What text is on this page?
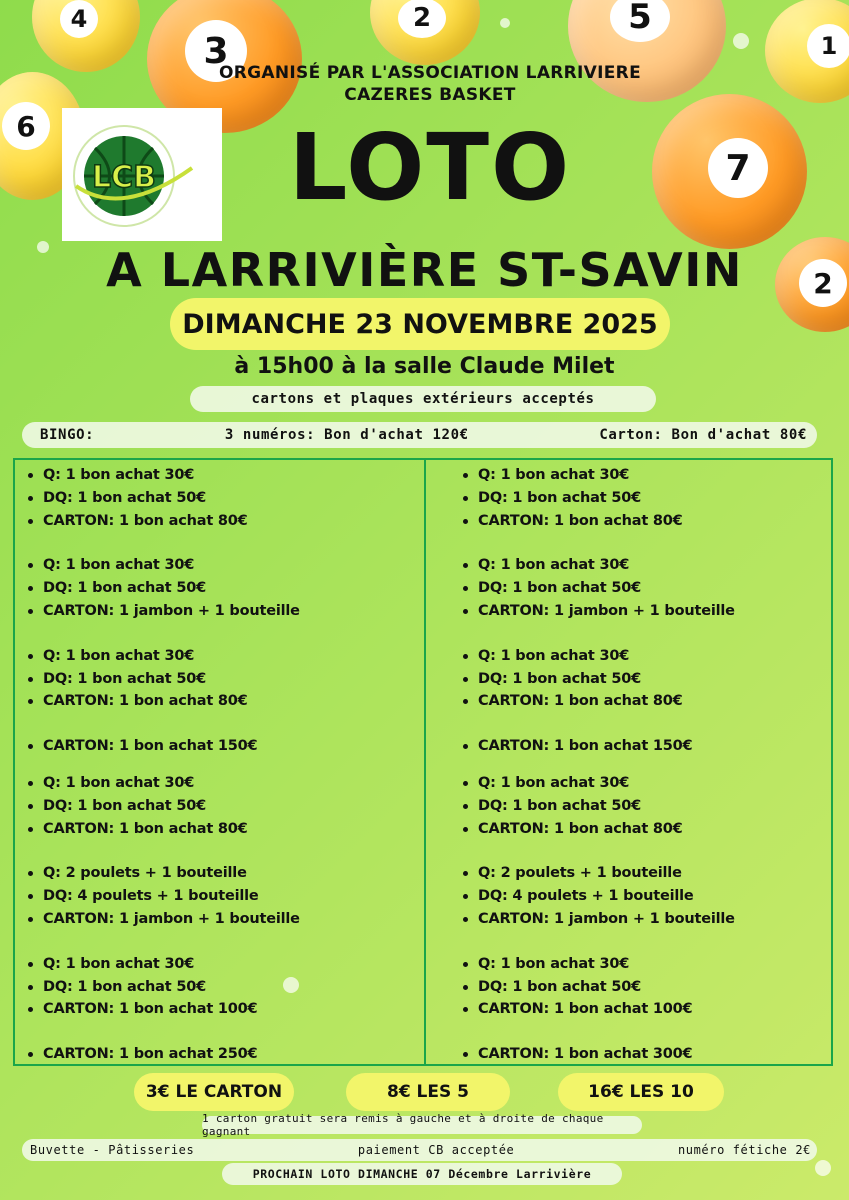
4
3
2	5
1
6
7
2
ORGANISÉ PAR L'ASSOCIATION LARRIVIERE
CAZERES BASKET
LCB LOTO
A LARRIVIÈRE ST-SAVIN
DIMANCHE 23 NOVEMBRE 2025
à 15h00 à la salle Claude Milet
cartons et plaques extérieurs acceptés
BINGO:	3 numéros: Bon d'achat 120€	Carton: Bon d'achat 80€
Q: 1 bon achat 30€
DQ: 1 bon achat 50€
CARTON: 1 bon achat 80€
Q: 1 bon achat 30€
DQ: 1 bon achat 50€
CARTON: 1 jambon + 1 bouteille
Q: 1 bon achat 30€
DQ: 1 bon achat 50€
CARTON: 1 bon achat 80€
CARTON: 1 bon achat 150€
Q: 1 bon achat 30€
DQ: 1 bon achat 50€
CARTON: 1 bon achat 80€
Q: 2 poulets + 1 bouteille
DQ: 4 poulets + 1 bouteille
CARTON: 1 jambon + 1 bouteille
Q: 1 bon achat 30€
DQ: 1 bon achat 50€
CARTON: 1 bon achat 100€
CARTON: 1 bon achat 250€
Q: 1 bon achat 30€
DQ: 1 bon achat 50€
CARTON: 1 bon achat 80€
Q: 1 bon achat 30€
DQ: 1 bon achat 50€
CARTON: 1 jambon + 1 bouteille
Q: 1 bon achat 30€
DQ: 1 bon achat 50€
CARTON: 1 bon achat 80€
CARTON: 1 bon achat 150€
Q: 1 bon achat 30€
DQ: 1 bon achat 50€
CARTON: 1 bon achat 80€
Q: 2 poulets + 1 bouteille
DQ: 4 poulets + 1 bouteille
CARTON: 1 jambon + 1 bouteille
Q: 1 bon achat 30€
DQ: 1 bon achat 50€
CARTON: 1 bon achat 100€
CARTON: 1 bon achat 300€
3€ LE CARTON	8€ LES 5	16€ LES 10
1 carton gratuit sera remis à gauche et à droite de chaque gagnant
Buvette - Pâtisseries	paiement CB acceptée	numéro fétiche 2€
PROCHAIN LOTO DIMANCHE 07 Décembre Larrivière
